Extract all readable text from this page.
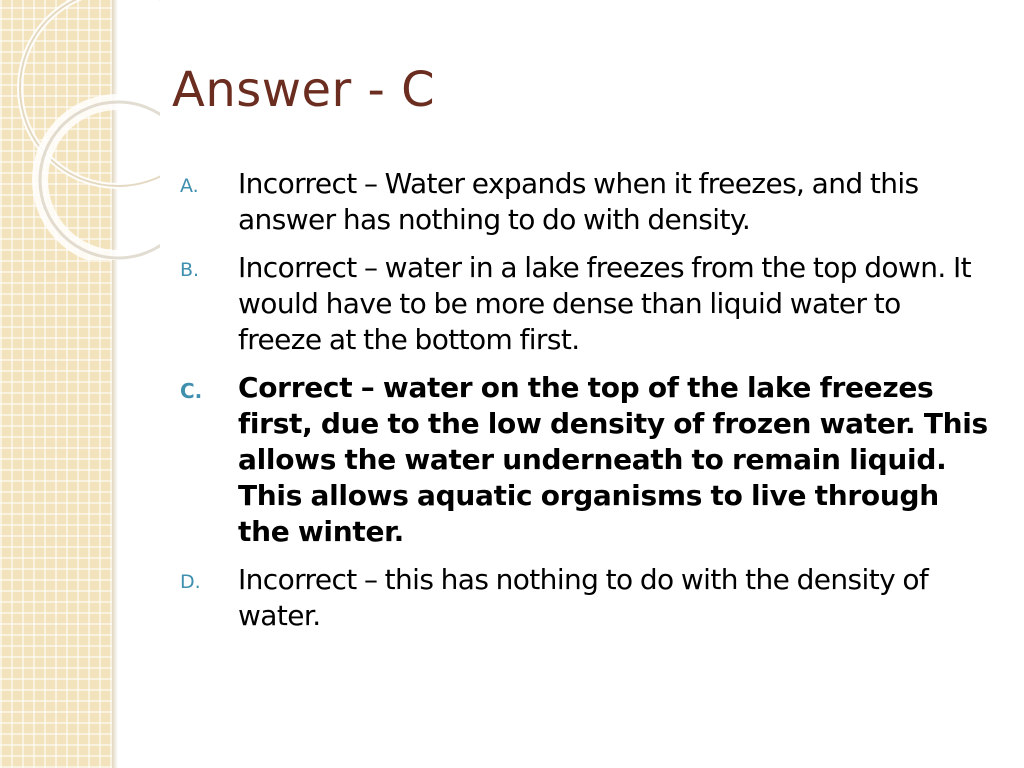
Answer - C
A.	Incorrect – Water expands when it freezes, and this answer has nothing to do with density.
B.	Incorrect – water in a lake freezes from the top down. It would have to be more dense than liquid water to freeze at the bottom first.
C.	Correct – water on the top of the lake freezes first, due to the low density of frozen water. This allows the water underneath to remain liquid. This allows aquatic organisms to live through the winter.
D.	Incorrect – this has nothing to do with the density of water.
